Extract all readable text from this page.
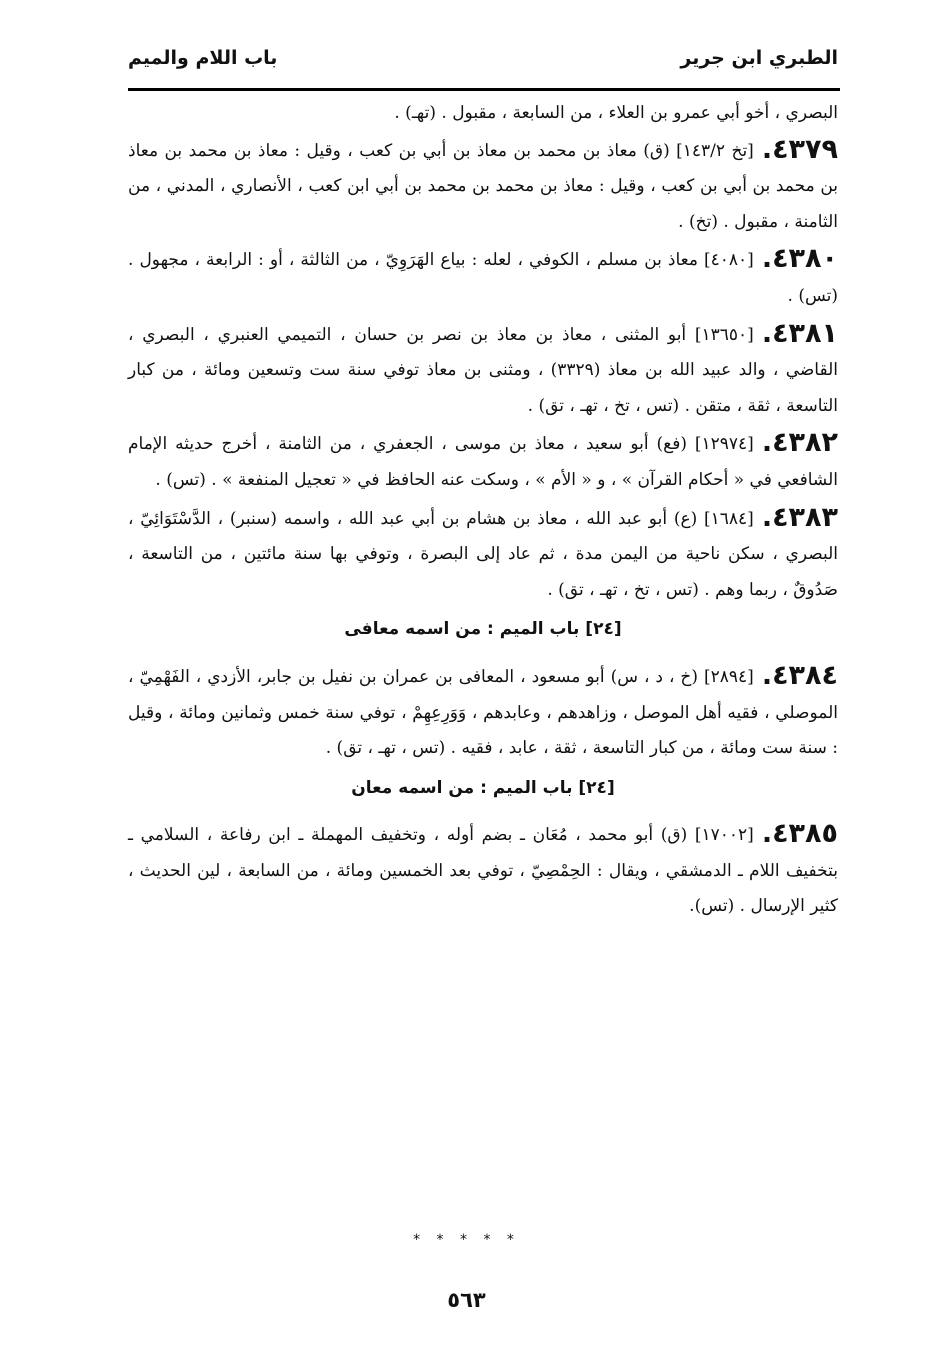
الطبري ابن جرير
باب اللام والميم

البصري ، أخو أبي عمرو بن العلاء ، من السابعة ، مقبول . (تهـ) .

٤٣٧٩.[تخ ١٤٣/٢] (ق) معاذ بن محمد بن معاذ بن أبي بن كعب ، وقيل : معاذ بن محمد بن معاذ بن محمد بن أبي بن كعب ، وقيل : معاذ بن محمد بن محمد بن أبي ابن كعب ، الأنصاري ، المدني ، من الثامنة ، مقبول . (تخ) .

٤٣٨٠.[٤٠٨٠] معاذ بن مسلم ، الكوفي ، لعله : بياع الهَرَوِيّ ، من الثالثة ، أو : الرابعة ، مجهول . (تس) .

٤٣٨١.[١٣٦٥٠] أبو المثنى ، معاذ بن معاذ بن نصر بن حسان ، التميمي العنبري ، البصري ، القاضي ، والد عبيد الله بن معاذ (٣٣٢٩) ، ومثنى بن معاذ توفي سنة ست وتسعين ومائة ، من كبار التاسعة ، ثقة ، متقن . (تس ، تخ ، تهـ ، تق) .

٤٣٨٢.[١٢٩٧٤] (فع) أبو سعيد ، معاذ بن موسى ، الجعفري ، من الثامنة ، أخرج حديثه الإمام الشافعي في « أحكام القرآن » ، و « الأم » ، وسكت عنه الحافظ في « تعجيل المنفعة » . (تس) .

٤٣٨٣.[١٦٨٤] (ع) أبو عبد الله ، معاذ بن هشام بن أبي عبد الله ، واسمه (سنبر) ، الدَّسْتَوَائِيّ ، البصري ، سكن ناحية من اليمن مدة ، ثم عاد إلى البصرة ، وتوفي بها سنة مائتين ، من التاسعة ، صَدُوقٌ ، ربما وهم . (تس ، تخ ، تهـ ، تق) .

[٢٤] باب الميم : من اسمه معافى

٤٣٨٤.[٢٨٩٤] (خ ، د ، س) أبو مسعود ، المعافى بن عمران بن نفيل بن جابر، الأزدي ، الفَهْمِيّ ، الموصلي ، فقيه أهل الموصل ، وزاهدهم ، وعابدهم ، وَوَرِعِهِمْ ، توفي سنة خمس وثمانين ومائة ، وقيل : سنة ست ومائة ، من كبار التاسعة ، ثقة ، عابد ، فقيه . (تس ، تهـ ، تق) .

[٢٤] باب الميم : من اسمه معان

٤٣٨٥.[١٧٠٠٢] (ق) أبو محمد ، مُعَان ـ بضم أوله ، وتخفيف المهملة ـ ابن رفاعة ، السلامي ـ بتخفيف اللام ـ الدمشقي ، ويقال : الحِمْصِيّ ، توفي بعد الخمسين ومائة ، من السابعة ، لين الحديث ، كثير الإرسال . (تس).

* * * * *
٥٦٣
